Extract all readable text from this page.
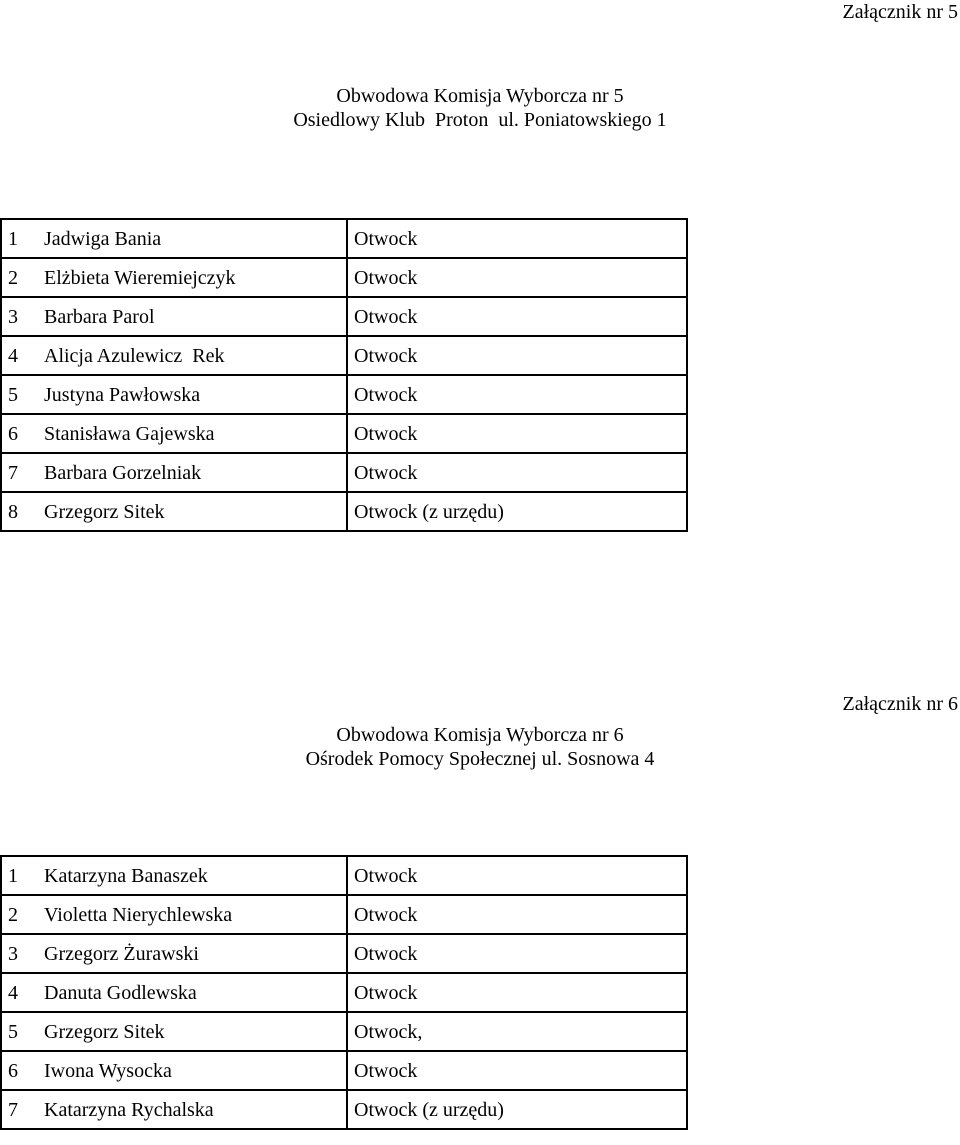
Załącznik nr 5
Obwodowa Komisja Wyborcza nr 5
Osiedlowy Klub  Proton  ul. Poniatowskiego 1
1 Jadwiga Bania	Otwock
2 Elżbieta Wieremiejczyk	Otwock
3 Barbara Parol	Otwock
4 Alicja Azulewicz  Rek	Otwock
5 Justyna Pawłowska	Otwock
6 Stanisława Gajewska	Otwock
7 Barbara Gorzelniak	Otwock
8 Grzegorz Sitek	Otwock (z urzędu)
Załącznik nr 6
Obwodowa Komisja Wyborcza nr 6
Ośrodek Pomocy Społecznej ul. Sosnowa 4
1 Katarzyna Banaszek	Otwock
2 Violetta Nierychlewska	Otwock
3 Grzegorz Żurawski	Otwock
4 Danuta Godlewska	Otwock
5 Grzegorz Sitek	Otwock,
6 Iwona Wysocka	Otwock
7 Katarzyna Rychalska	Otwock (z urzędu)
